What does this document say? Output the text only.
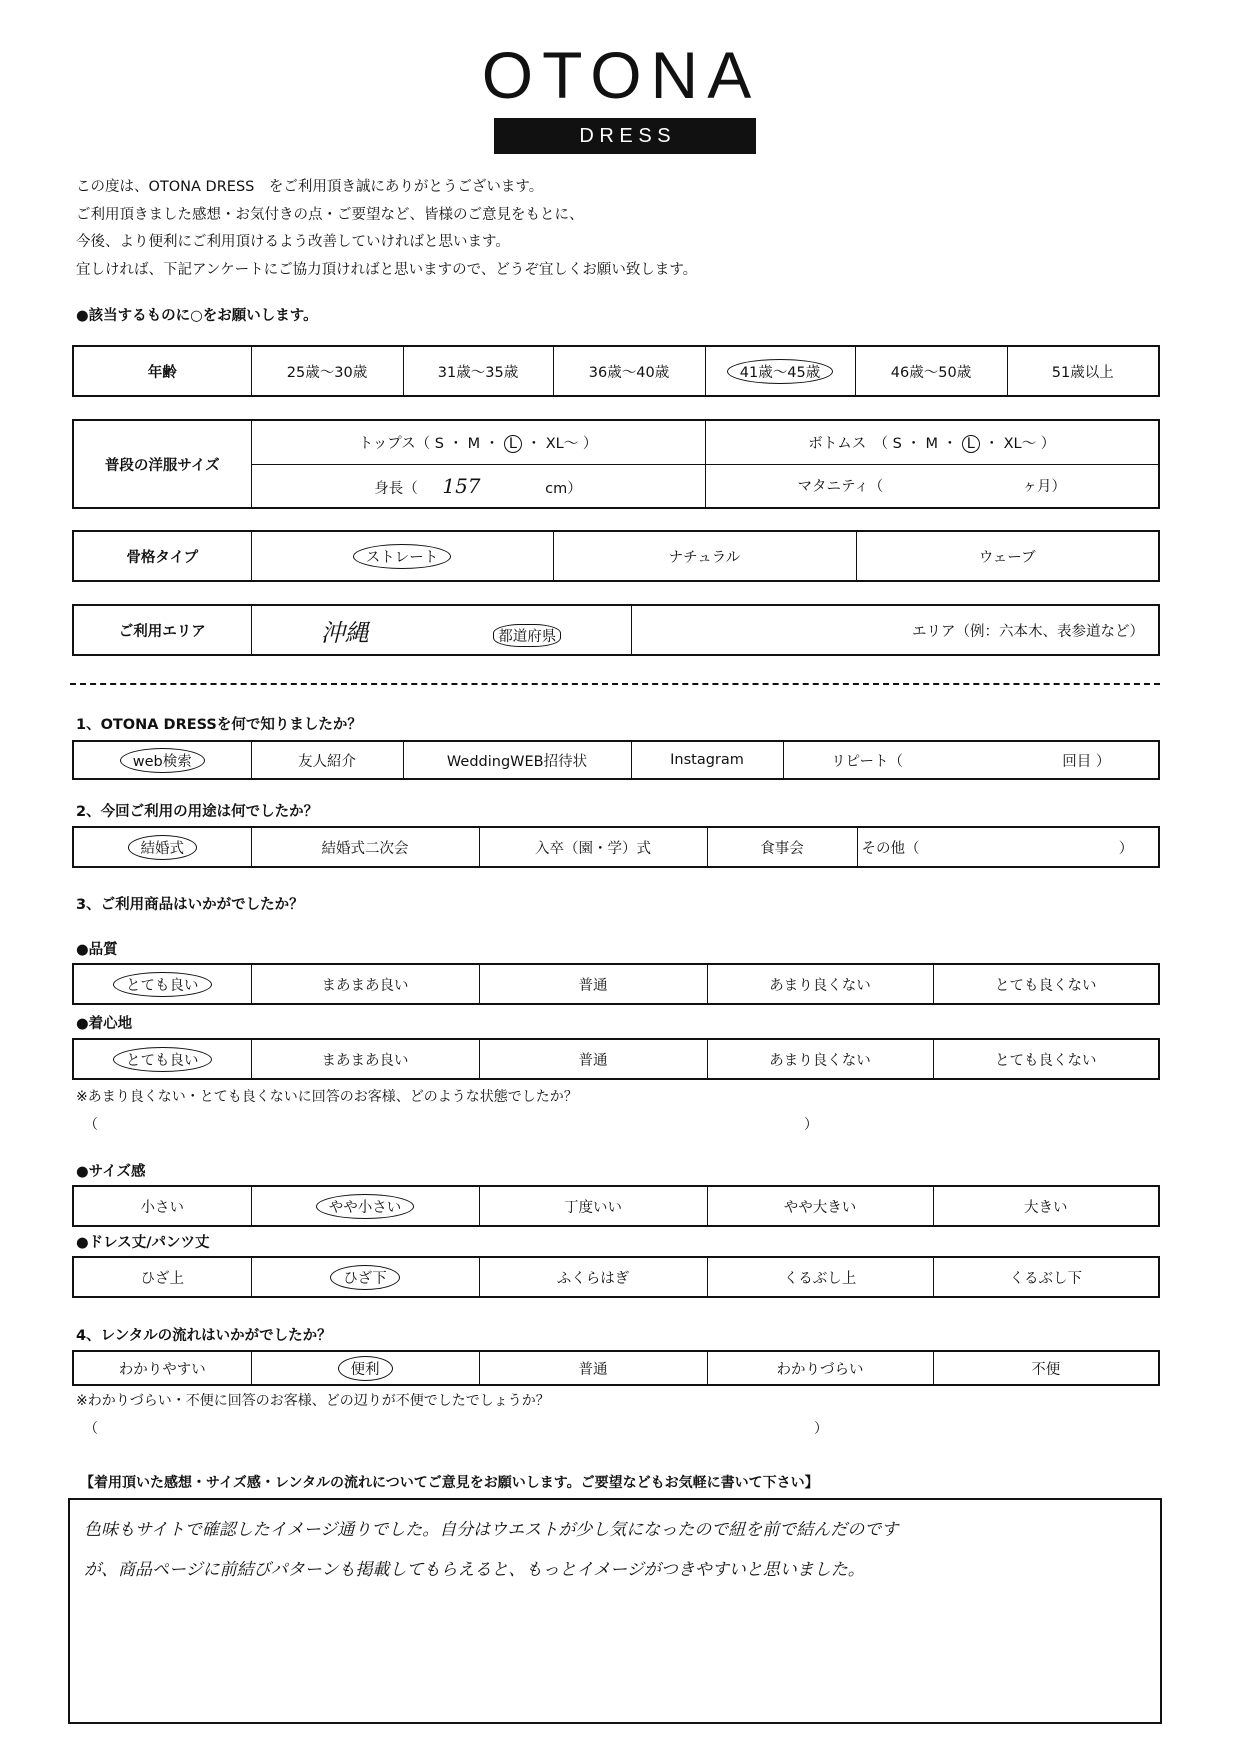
OTONA
D R E S S
この度は、OTONA DRESS　をご利用頂き誠にありがとうございます。
ご利用頂きました感想・お気付きの点・ご要望など、皆様のご意見をもとに、
今後、より便利にご利用頂けるよう改善していければと思います。
宜しければ、下記アンケートにご協力頂ければと思いますので、どうぞ宜しくお願い致します。
●該当するものに○をお願いします。
年齢	25歳〜30歳	31歳〜35歳	36歳〜40歳	41歳〜45歳	46歳〜50歳	51歳以上
普段の洋服サイズ	トップス（ S ・ M ・ L ・ XL〜 ）	ボトムス　（ S ・ M ・ L ・ XL〜 ）
	身長（ 157 cm）	マタニティ（ ヶ月）
骨格タイプ	ストレート	ナチュラル	ウェーブ
ご利用エリア	沖縄	都道府県	エリア（例：六本木、表参道など）
1、OTONA DRESSを何で知りましたか？
web検索	友人紹介	WeddingWEB招待状	Instagram	リピート（	回目 ）
2、今回ご利用の用途は何でしたか？
結婚式	結婚式二次会	入卒（園・学）式	食事会	その他（	）
3、ご利用商品はいかがでしたか？
●品質
とても良い	まあまあ良い	普通	あまり良くない	とても良くない
●着心地
とても良い	まあまあ良い	普通	あまり良くない	とても良くない
※あまり良くない・とても良くないに回答のお客様、どのような状態でしたか？
（	）
●サイズ感
小さい	やや小さい	丁度いい	やや大きい	大きい
●ドレス丈/パンツ丈
ひざ上	ひざ下	ふくらはぎ	くるぶし上	くるぶし下
4、レンタルの流れはいかがでしたか？
わかりやすい	便利	普通	わかりづらい	不便
※わかりづらい・不便に回答のお客様、どの辺りが不便でしたでしょうか？
（	）
【着用頂いた感想・サイズ感・レンタルの流れについてご意見をお願いします。ご要望などもお気軽に書いて下さい】
色味もサイトで確認したイメージ通りでした。自分はウエストが少し気になったので紐を前で結んだのです
が、商品ページに前結びパターンも掲載してもらえると、もっとイメージがつきやすいと思いました。
